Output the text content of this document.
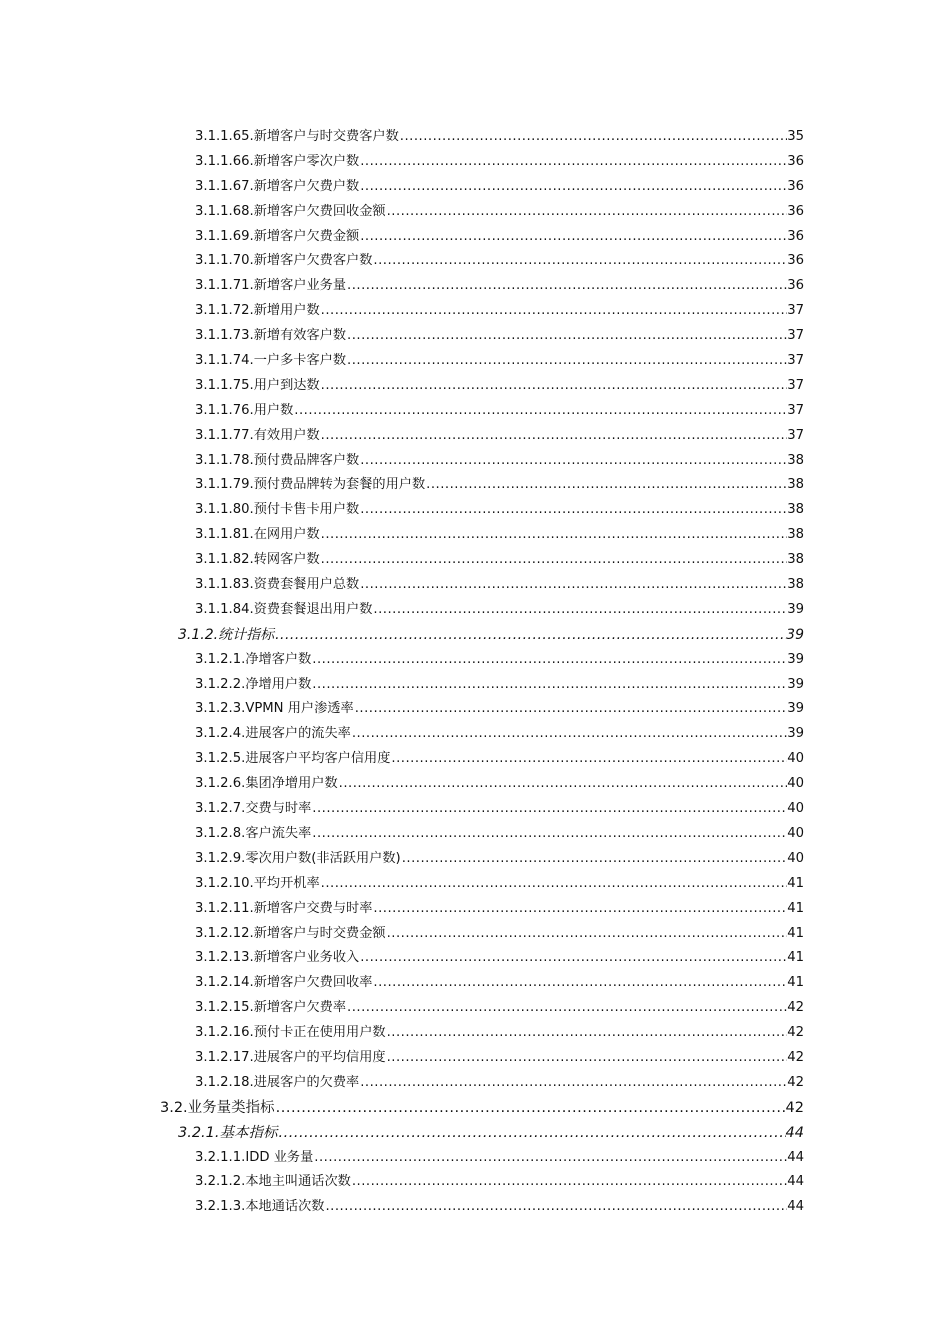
3.1.1.65.新增客户与时交费客户数 .....	35
3.1.1.66.新增客户零次户数 .....	36
3.1.1.67.新增客户欠费户数 .....	36
3.1.1.68.新增客户欠费回收金额 .....	36
3.1.1.69.新增客户欠费金额 .....	36
3.1.1.70.新增客户欠费客户数 .....	36
3.1.1.71.新增客户业务量 .....	36
3.1.1.72.新增用户数 .....	37
3.1.1.73.新增有效客户数 .....	37
3.1.1.74.一户多卡客户数 .....	37
3.1.1.75.用户到达数 .....	37
3.1.1.76.用户数 .....	37
3.1.1.77.有效用户数 .....	37
3.1.1.78.预付费品牌客户数 .....	38
3.1.1.79.预付费品牌转为套餐的用户数 .....	38
3.1.1.80.预付卡售卡用户数 .....	38
3.1.1.81.在网用户数 .....	38
3.1.1.82.转网客户数 .....	38
3.1.1.83.资费套餐用户总数 .....	38
3.1.1.84.资费套餐退出用户数 .....	39
3.1.2.统计指标 .....	39
3.1.2.1.净增客户数 .....	39
3.1.2.2.净增用户数 .....	39
3.1.2.3.VPMN 用户渗透率 .....	39
3.1.2.4.进展客户的流失率 .....	39
3.1.2.5.进展客户平均客户信用度 .....	40
3.1.2.6.集团净增用户数 .....	40
3.1.2.7.交费与时率 .....	40
3.1.2.8.客户流失率 .....	40
3.1.2.9.零次用户数(非活跃用户数) .....	40
3.1.2.10.平均开机率 .....	41
3.1.2.11.新增客户交费与时率 .....	41
3.1.2.12.新增客户与时交费金额 .....	41
3.1.2.13.新增客户业务收入 .....	41
3.1.2.14.新增客户欠费回收率 .....	41
3.1.2.15.新增客户欠费率 .....	42
3.1.2.16.预付卡正在使用用户数 .....	42
3.1.2.17.进展客户的平均信用度 .....	42
3.1.2.18.进展客户的欠费率 .....	42
3.2.业务量类指标 .....	42
3.2.1.基本指标 .....	44
3.2.1.1.IDD 业务量 .....	44
3.2.1.2.本地主叫通话次数 .....	44
3.2.1.3.本地通话次数 .....	44
